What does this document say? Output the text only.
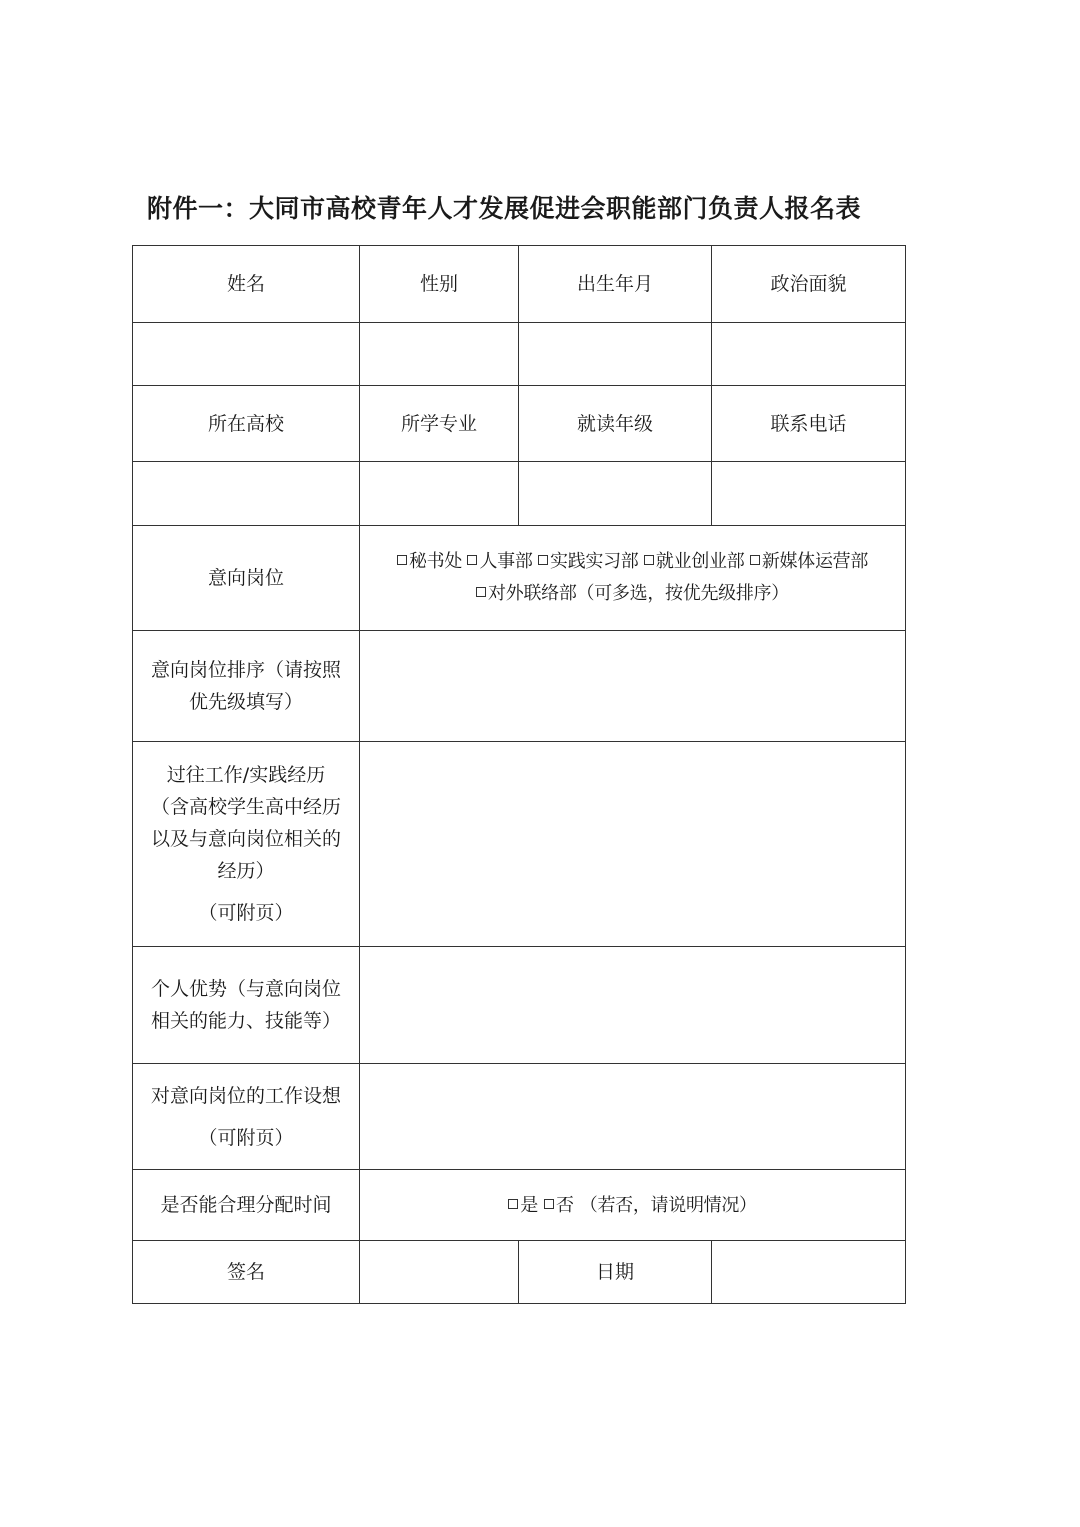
附件一：大同市高校青年人才发展促进会职能部门负责人报名表
姓名	性别	出生年月	政治面貌

所在高校	所学专业	就读年级	联系电话

意向岗位	秘书处 人事部 实践实习部 就业创业部 新媒体运营部
对外联络部（可多选，按优先级排序）		

意向岗位排序（请按照
优先级填写）			

过往工作/实践经历
（含高校学生高中经历
以及与意向岗位相关的
经历）
（可附页）			

个人优势（与意向岗位
相关的能力、技能等）			

对意向岗位的工作设想
（可附页）			

是否能合理分配时间	是 否 （若否，请说明情况）		
签名		日期	
